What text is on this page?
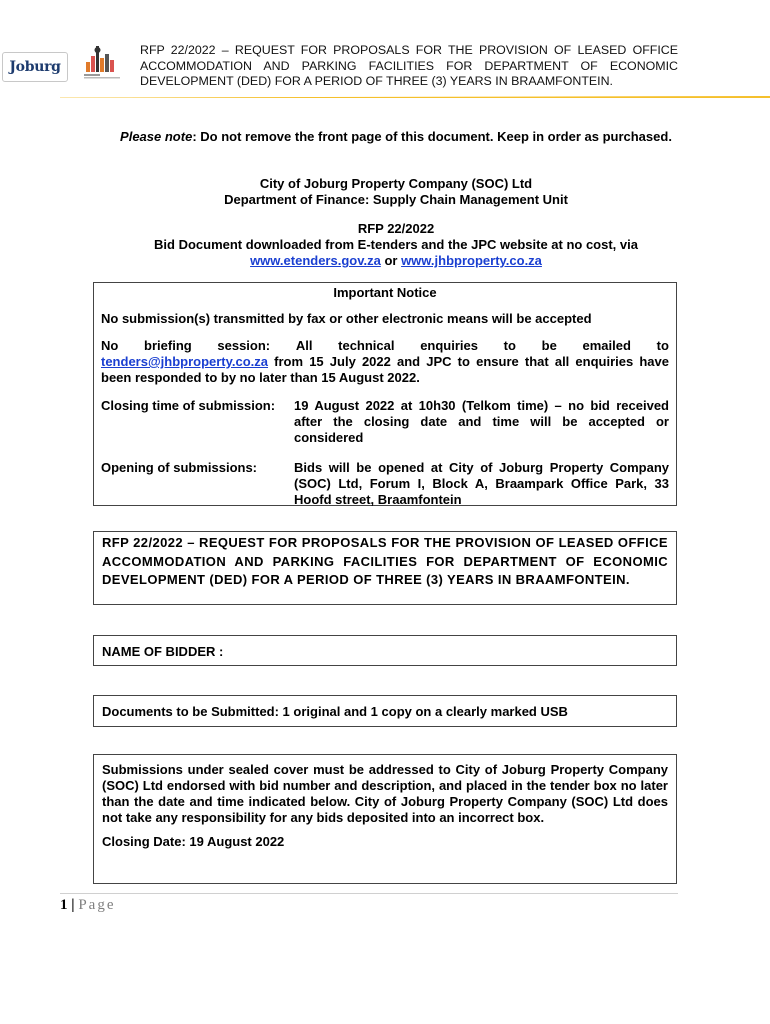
Joburg
RFP 22/2022 – REQUEST FOR PROPOSALS FOR THE PROVISION OF LEASED OFFICE ACCOMMODATION AND PARKING FACILITIES FOR DEPARTMENT OF ECONOMIC DEVELOPMENT (DED) FOR A PERIOD OF THREE (3) YEARS IN BRAAMFONTEIN.
Please note: Do not remove the front page of this document. Keep in order as purchased.
City of Joburg Property Company (SOC) Ltd
Department of Finance: Supply Chain Management Unit
RFP 22/2022
Bid Document downloaded from E-tenders and the JPC website at no cost, via
www.etenders.gov.za or www.jhbproperty.co.za
Important Notice
No submission(s) transmitted by fax or other electronic means will be accepted
No briefing session: All technical enquiries to be emailed to
tenders@jhbproperty.co.za from 15 July 2022 and JPC to ensure that all enquiries have been responded to by no later than 15 August 2022.
Closing time of submission:	19 August 2022 at 10h30 (Telkom time) – no bid received after the closing date and time will be accepted or considered
Opening of submissions:	Bids will be opened at City of Joburg Property Company (SOC) Ltd, Forum I, Block A, Braampark Office Park, 33 Hoofd street, Braamfontein
RFP 22/2022 – REQUEST FOR PROPOSALS FOR THE PROVISION OF LEASED OFFICE ACCOMMODATION AND PARKING FACILITIES FOR DEPARTMENT OF ECONOMIC DEVELOPMENT (DED) FOR A PERIOD OF THREE (3) YEARS IN BRAAMFONTEIN.
NAME OF BIDDER :
Documents to be Submitted: 1 original and 1 copy on a clearly marked USB
Submissions under sealed cover must be addressed to City of Joburg Property Company (SOC) Ltd endorsed with bid number and description, and placed in the tender box no later than the date and time indicated below. City of Joburg Property Company (SOC) Ltd does not take any responsibility for any bids deposited into an incorrect box.
Closing Date: 19 August 2022
1 | Page
